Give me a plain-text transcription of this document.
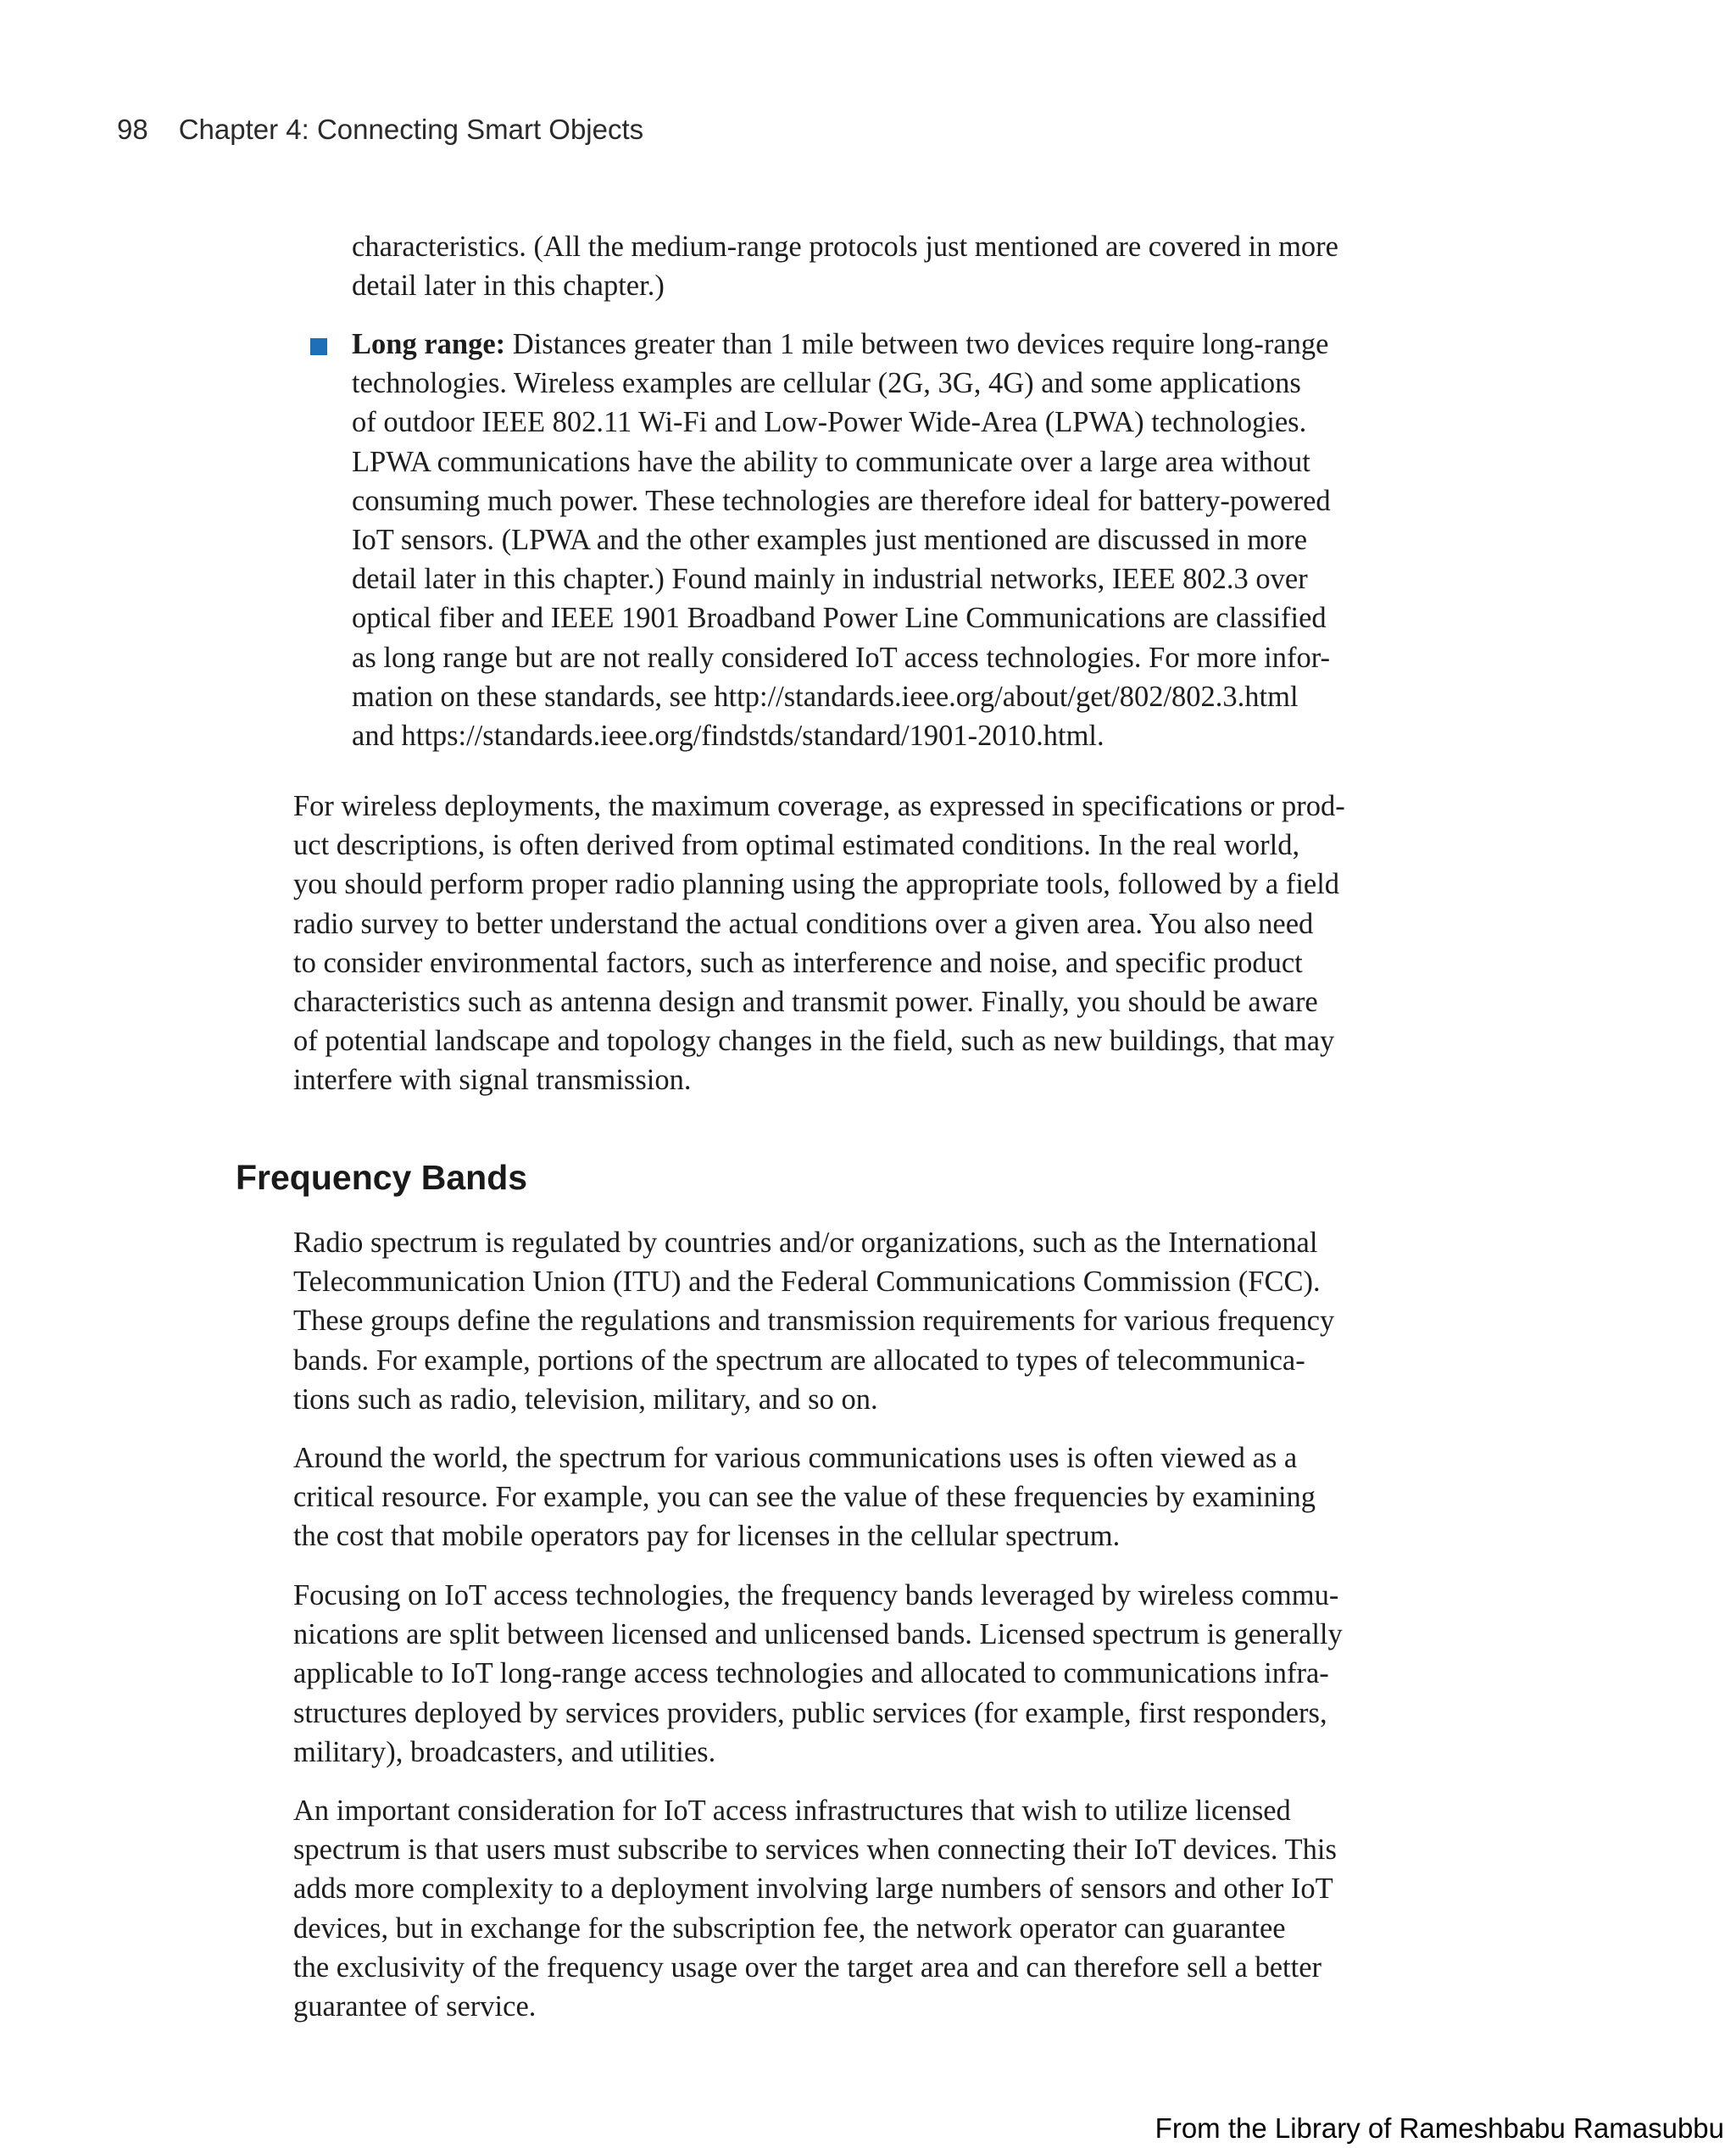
98 Chapter 4: Connecting Smart Objects
characteristics. (All the medium-range protocols just mentioned are covered in more
detail later in this chapter.)
Long range: Distances greater than 1 mile between two devices require long-range
technologies. Wireless examples are cellular (2G, 3G, 4G) and some applications
of outdoor IEEE 802.11 Wi-Fi and Low-Power Wide-Area (LPWA) technologies.
LPWA communications have the ability to communicate over a large area without
consuming much power. These technologies are therefore ideal for battery-powered
IoT sensors. (LPWA and the other examples just mentioned are discussed in more
detail later in this chapter.) Found mainly in industrial networks, IEEE 802.3 over
optical fiber and IEEE 1901 Broadband Power Line Communications are classified
as long range but are not really considered IoT access technologies. For more infor-
mation on these standards, see http://standards.ieee.org/about/get/802/802.3.html
and https://standards.ieee.org/findstds/standard/1901-2010.html.
For wireless deployments, the maximum coverage, as expressed in specifications or prod-
uct descriptions, is often derived from optimal estimated conditions. In the real world,
you should perform proper radio planning using the appropriate tools, followed by a field
radio survey to better understand the actual conditions over a given area. You also need
to consider environmental factors, such as interference and noise, and specific product
characteristics such as antenna design and transmit power. Finally, you should be aware
of potential landscape and topology changes in the field, such as new buildings, that may
interfere with signal transmission.
Frequency Bands
Radio spectrum is regulated by countries and/or organizations, such as the International
Telecommunication Union (ITU) and the Federal Communications Commission (FCC).
These groups define the regulations and transmission requirements for various frequency
bands. For example, portions of the spectrum are allocated to types of telecommunica-
tions such as radio, television, military, and so on.
Around the world, the spectrum for various communications uses is often viewed as a
critical resource. For example, you can see the value of these frequencies by examining
the cost that mobile operators pay for licenses in the cellular spectrum.
Focusing on IoT access technologies, the frequency bands leveraged by wireless commu-
nications are split between licensed and unlicensed bands. Licensed spectrum is generally
applicable to IoT long-range access technologies and allocated to communications infra-
structures deployed by services providers, public services (for example, first responders,
military), broadcasters, and utilities.
An important consideration for IoT access infrastructures that wish to utilize licensed
spectrum is that users must subscribe to services when connecting their IoT devices. This
adds more complexity to a deployment involving large numbers of sensors and other IoT
devices, but in exchange for the subscription fee, the network operator can guarantee
the exclusivity of the frequency usage over the target area and can therefore sell a better
guarantee of service.
From the Library of Rameshbabu Ramasubbu
